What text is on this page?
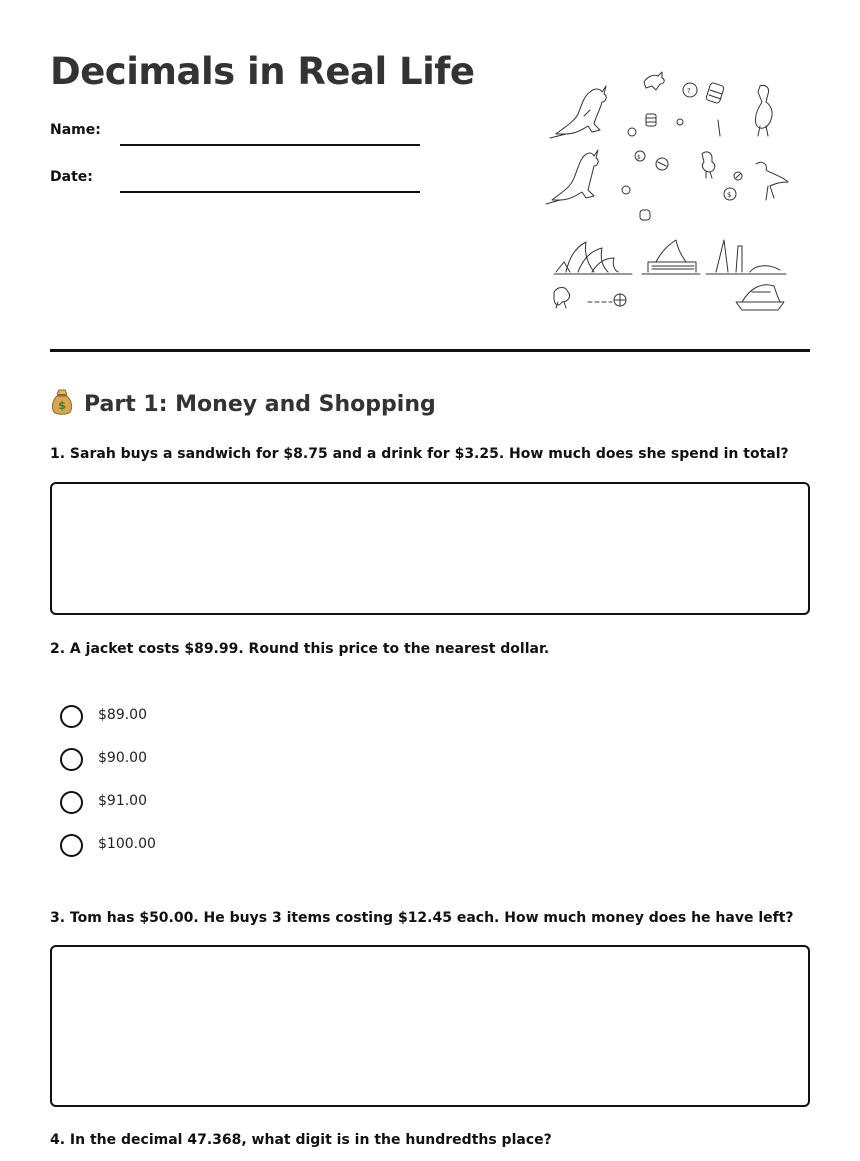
Decimals in Real Life
Name:
Date:
?
$
$
$ Part 1: Money and Shopping

1. Sarah buys a sandwich for $8.75 and a drink for $3.25. How much does she spend in total?

2. A jacket costs $89.99. Round this price to the nearest dollar.

$89.00
$90.00
$91.00
$100.00

3. Tom has $50.00. He buys 3 items costing $12.45 each. How much money does he have left?

4. In the decimal 47.368, what digit is in the hundredths place?
